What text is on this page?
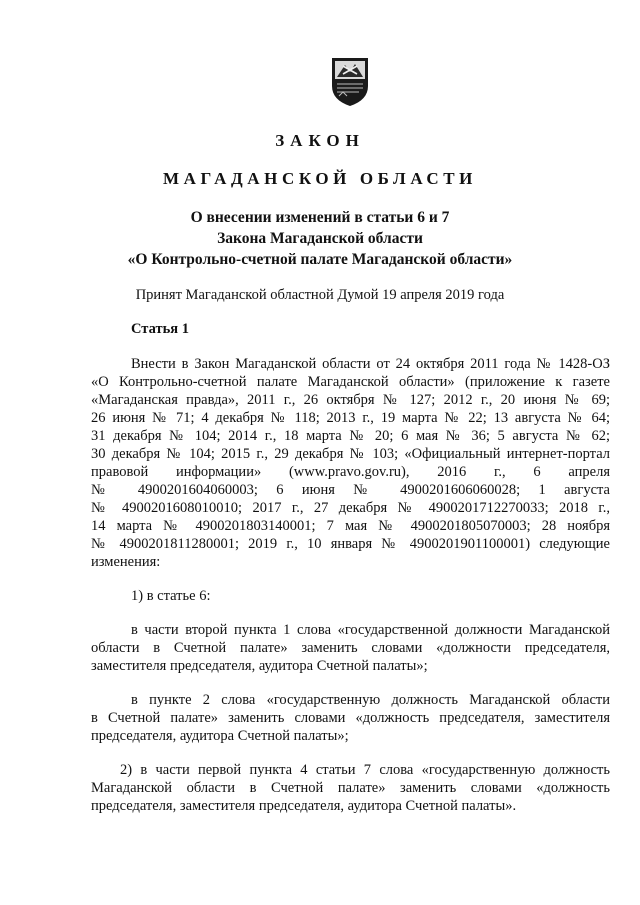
ЗАКОН
МАГАДАНСКОЙ ОБЛАСТИ
О внесении изменений в статьи 6 и 7
Закона Магаданской области
«О Контрольно-счетной палате Магаданской области»
Принят Магаданской областной Думой 19 апреля 2019 года
Статья 1
Внести в Закон Магаданской области от 24 октября 2011 года № 1428-ОЗ
«О Контрольно-счетной палате Магаданской области» (приложение к газете
«Магаданская правда», 2011 г., 26 октября № 127; 2012 г., 20 июня № 69;
26 июня № 71; 4 декабря № 118; 2013 г., 19 марта № 22; 13 августа № 64;
31 декабря № 104; 2014 г., 18 марта № 20; 6 мая № 36; 5 августа № 62;
30 декабря № 104; 2015 г., 29 декабря № 103; «Официальный интернет-портал
правовой информации» (www.pravo.gov.ru), 2016 г., 6 апреля
№ 4900201604060003; 6 июня № 4900201606060028; 1 августа
№ 4900201608010010; 2017 г., 27 декабря № 4900201712270033; 2018 г.,
14 марта № 4900201803140001; 7 мая № 4900201805070003; 28 ноября
№ 4900201811280001; 2019 г., 10 января № 4900201901100001) следующие
изменения:
1) в статье 6:
в части второй пункта 1 слова «государственной должности Магаданской
области в Счетной палате» заменить словами «должности председателя,
заместителя председателя, аудитора Счетной палаты»;
в пункте 2 слова «государственную должность Магаданской области
в Счетной палате» заменить словами «должность председателя, заместителя
председателя, аудитора Счетной палаты»;
2) в части первой пункта 4 статьи 7 слова «государственную должность
Магаданской области в Счетной палате» заменить словами «должность
председателя, заместителя председателя, аудитора Счетной палаты».
